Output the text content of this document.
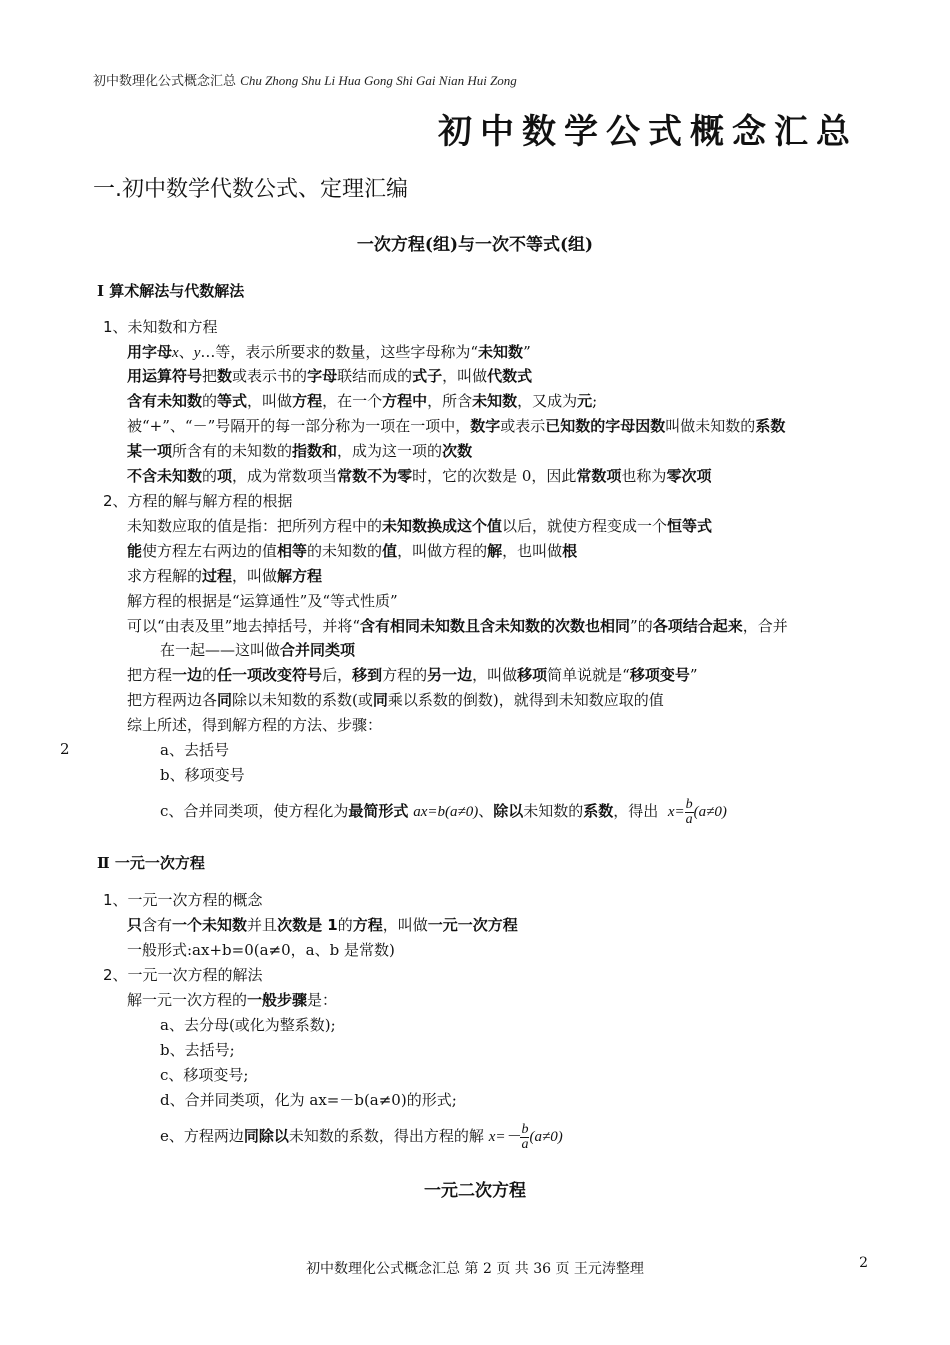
初中数理化公式概念汇总 Chu Zhong Shu Li Hua Gong Shi Gai Nian Hui Zong
初中数学公式概念汇总
一.初中数学代数公式、定理汇编
一次方程(组)与一次不等式(组)
Ⅰ 算术解法与代数解法
1、未知数和方程
用字母x、y…等，表示所要求的数量，这些字母称为“未知数”
用运算符号把数或表示书的字母联结而成的式子，叫做代数式
含有未知数的等式，叫做方程，在一个方程中，所含未知数，又成为元;
被“+”、“－”号隔开的每一部分称为一项在一项中，数字或表示已知数的字母因数叫做未知数的系数
某一项所含有的未知数的指数和，成为这一项的次数
不含未知数的项，成为常数项当常数不为零时，它的次数是 0，因此常数项也称为零次项
2、方程的解与解方程的根据
未知数应取的值是指：把所列方程中的未知数换成这个值以后，就使方程变成一个恒等式
能使方程左右两边的值相等的未知数的值，叫做方程的解，也叫做根
求方程解的过程，叫做解方程
解方程的根据是“运算通性”及“等式性质”
可以“由表及里”地去掉括号，并将“含有相同未知数且含未知数的次数也相同”的各项结合起来，合并
在一起——这叫做合并同类项
把方程一边的任一项改变符号后，移到方程的另一边，叫做移项简单说就是“移项变号”
把方程两边各同除以未知数的系数(或同乘以系数的倒数)，就得到未知数应取的值
综上所述，得到解方程的方法、步骤：
2	a、去括号
b、移项变号
c、合并同类项，使方程化为最简形式 ax=b(a≠0)、除以未知数的系数，得出 $x= \frac{b}{a} (a\ne 0)$
Ⅱ 一元一次方程
1、一元一次方程的概念
只含有一个未知数并且次数是 1的方程，叫做一元一次方程
一般形式:ax+b=0(a≠0，a、b 是常数)
2、一元一次方程的解法
解一元一次方程的一般步骤是：
a、去分母(或化为整系数);
b、去括号;
c、移项变号;
d、合并同类项，化为 ax=－b(a≠0)的形式;
e、方程两边同除以未知数的系数，得出方程的解 $x=- \frac{b}{a} (a\ne 0)$
一元二次方程
初中数理化公式概念汇总 第 2 页 共 36 页 王元涛整理	2
